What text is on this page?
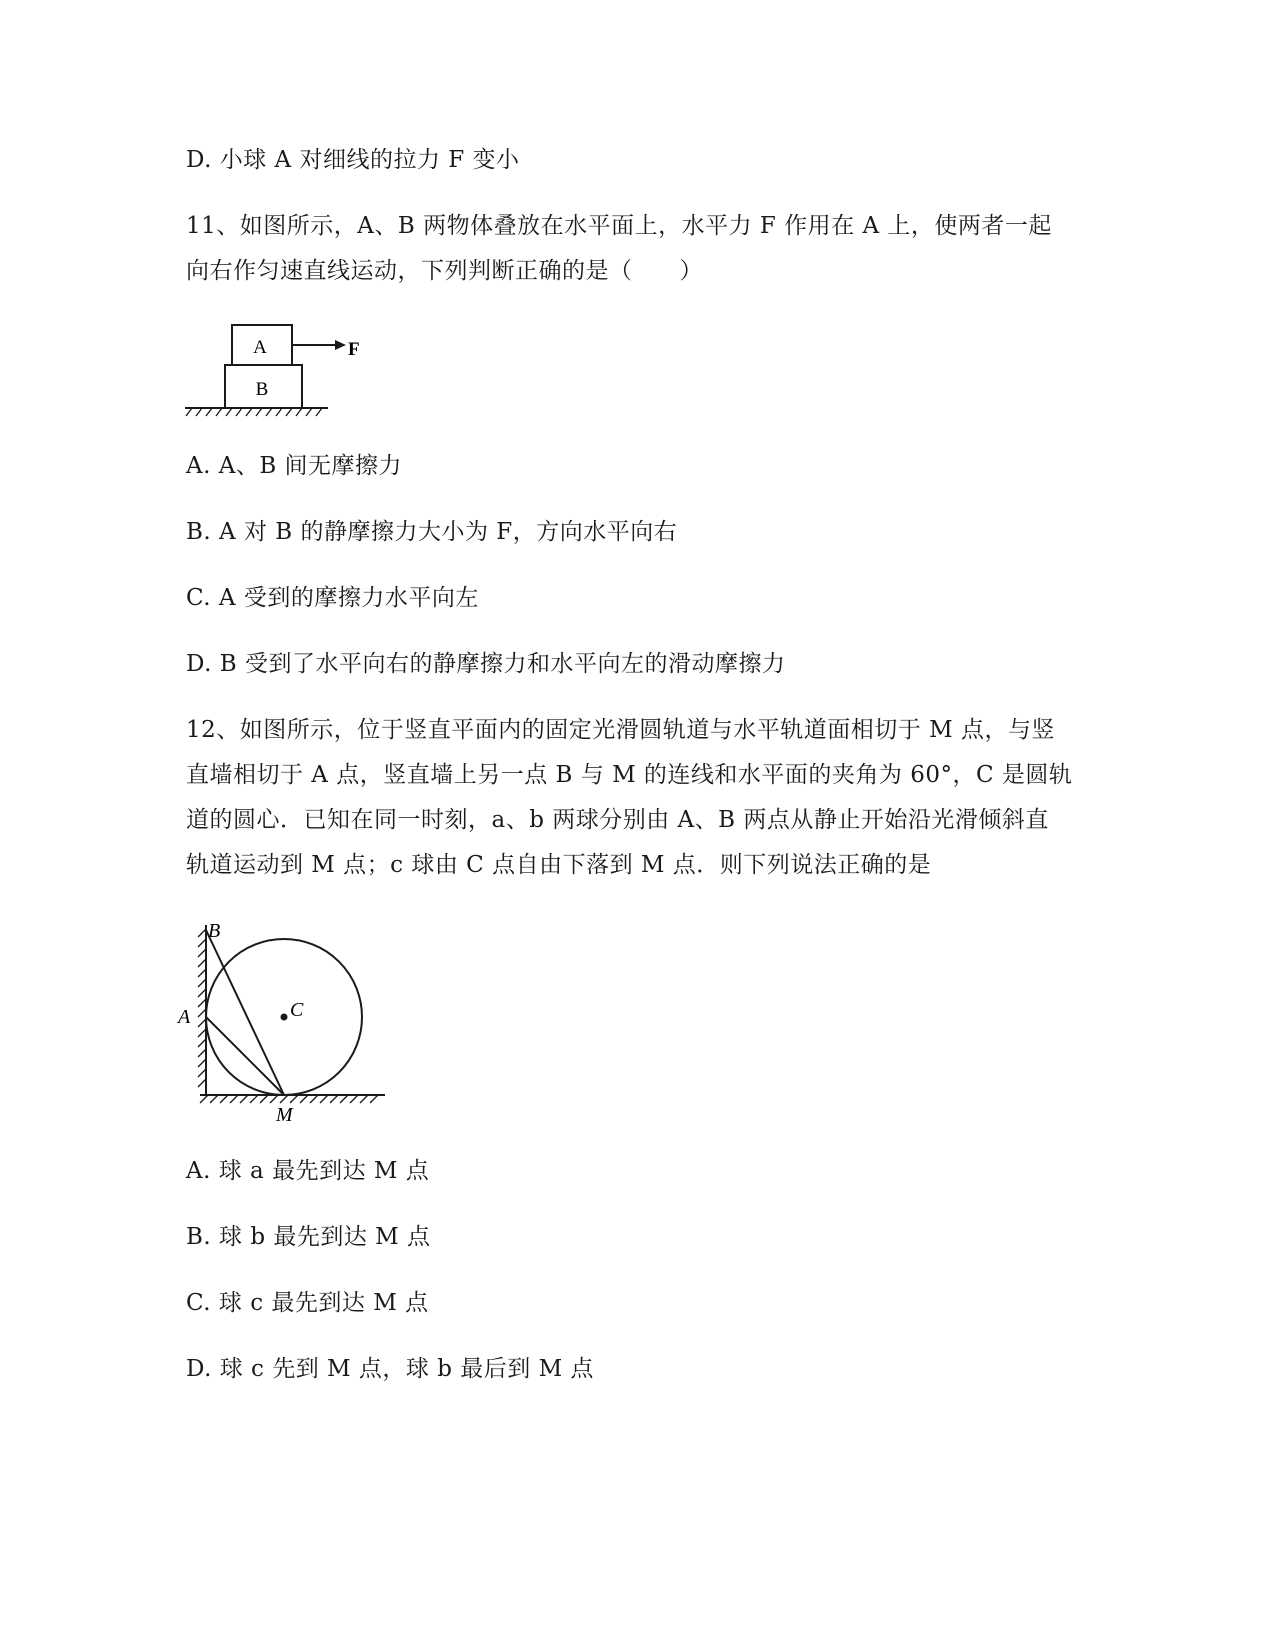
D. 小球 A 对细线的拉力 F 变小
11、如图所示，A、B 两物体叠放在水平面上，水平力 F 作用在 A 上，使两者一起
向右作匀速直线运动，下列判断正确的是（　　）
A
B
F
A. A、B 间无摩擦力
B. A 对 B 的静摩擦力大小为 F，方向水平向右
C. A 受到的摩擦力水平向左
D. B 受到了水平向右的静摩擦力和水平向左的滑动摩擦力
12、如图所示，位于竖直平面内的固定光滑圆轨道与水平轨道面相切于 M 点，与竖
直墙相切于 A 点，竖直墙上另一点 B 与 M 的连线和水平面的夹角为 60°，C 是圆轨
道的圆心．已知在同一时刻，a、b 两球分别由 A、B 两点从静止开始沿光滑倾斜直
轨道运动到 M 点；c 球由 C 点自由下落到 M 点．则下列说法正确的是
B
A	C
M
A. 球 a 最先到达 M 点
B. 球 b 最先到达 M 点
C. 球 c 最先到达 M 点
D. 球 c 先到 M 点，球 b 最后到 M 点
